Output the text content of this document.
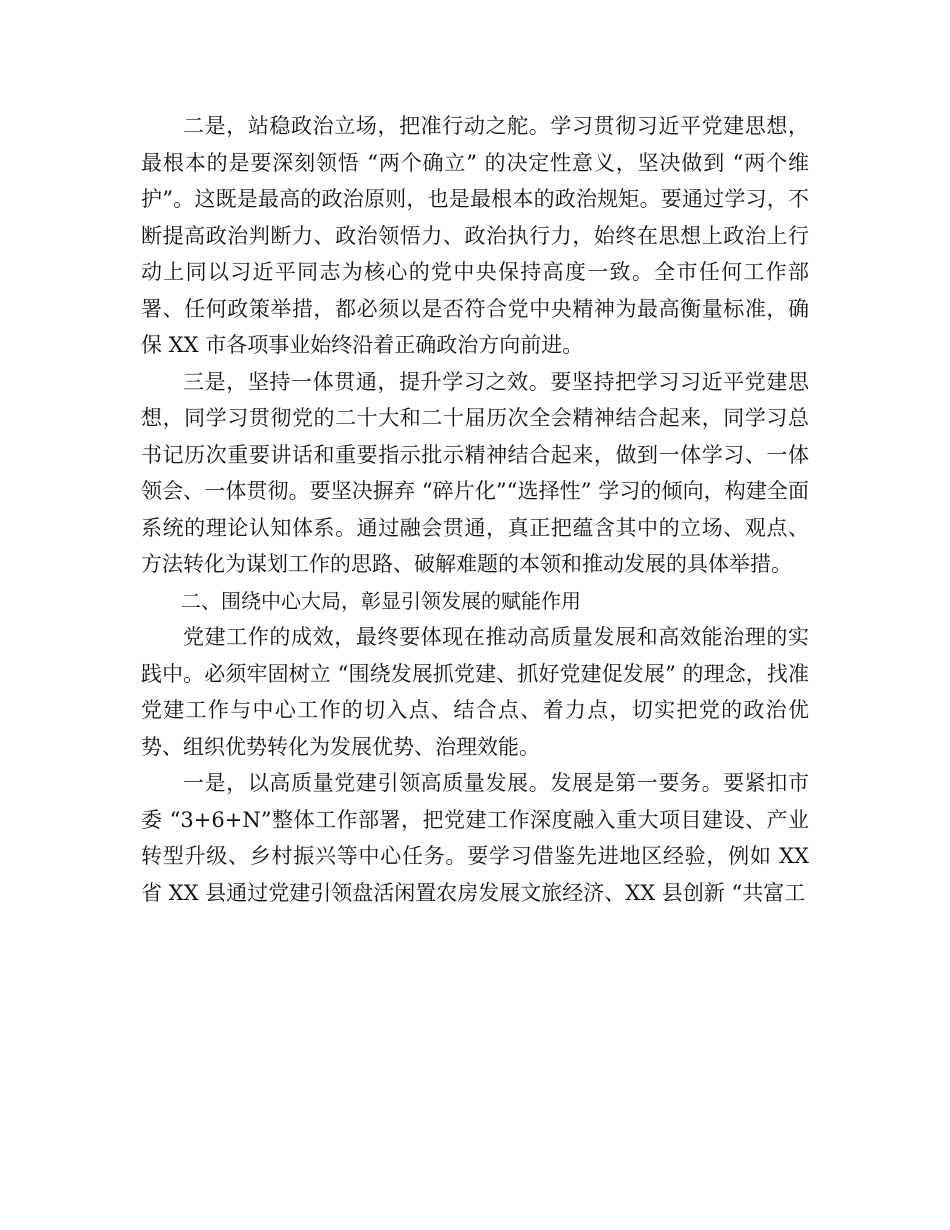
二是，站稳政治立场，把准行动之舵。学习贯彻习近平党建思想，最根本的是要深刻领悟 “两个确立” 的决定性意义，坚决做到 “两个维护”。这既是最高的政治原则，也是最根本的政治规矩。要通过学习，不断提高政治判断力、政治领悟力、政治执行力，始终在思想上政治上行动上同以习近平同志为核心的党中央保持高度一致。全市任何工作部署、任何政策举措，都必须以是否符合党中央精神为最高衡量标准，确保 XX 市各项事业始终沿着正确政治方向前进。

三是，坚持一体贯通，提升学习之效。要坚持把学习习近平党建思想，同学习贯彻党的二十大和二十届历次全会精神结合起来，同学习总书记历次重要讲话和重要指示批示精神结合起来，做到一体学习、一体领会、一体贯彻。要坚决摒弃 “碎片化”“选择性” 学习的倾向，构建全面系统的理论认知体系。通过融会贯通，真正把蕴含其中的立场、观点、方法转化为谋划工作的思路、破解难题的本领和推动发展的具体举措。

二、围绕中心大局，彰显引领发展的赋能作用

党建工作的成效，最终要体现在推动高质量发展和高效能治理的实践中。必须牢固树立 “围绕发展抓党建、抓好党建促发展” 的理念，找准党建工作与中心工作的切入点、结合点、着力点，切实把党的政治优势、组织优势转化为发展优势、治理效能。

一是，以高质量党建引领高质量发展。发展是第一要务。要紧扣市委 “3+6+N”整体工作部署，把党建工作深度融入重大项目建设、产业转型升级、乡村振兴等中心任务。要学习借鉴先进地区经验，例如 XX 省 XX 县通过党建引领盘活闲置农房发展文旅经济、XX 县创新 “共富工
